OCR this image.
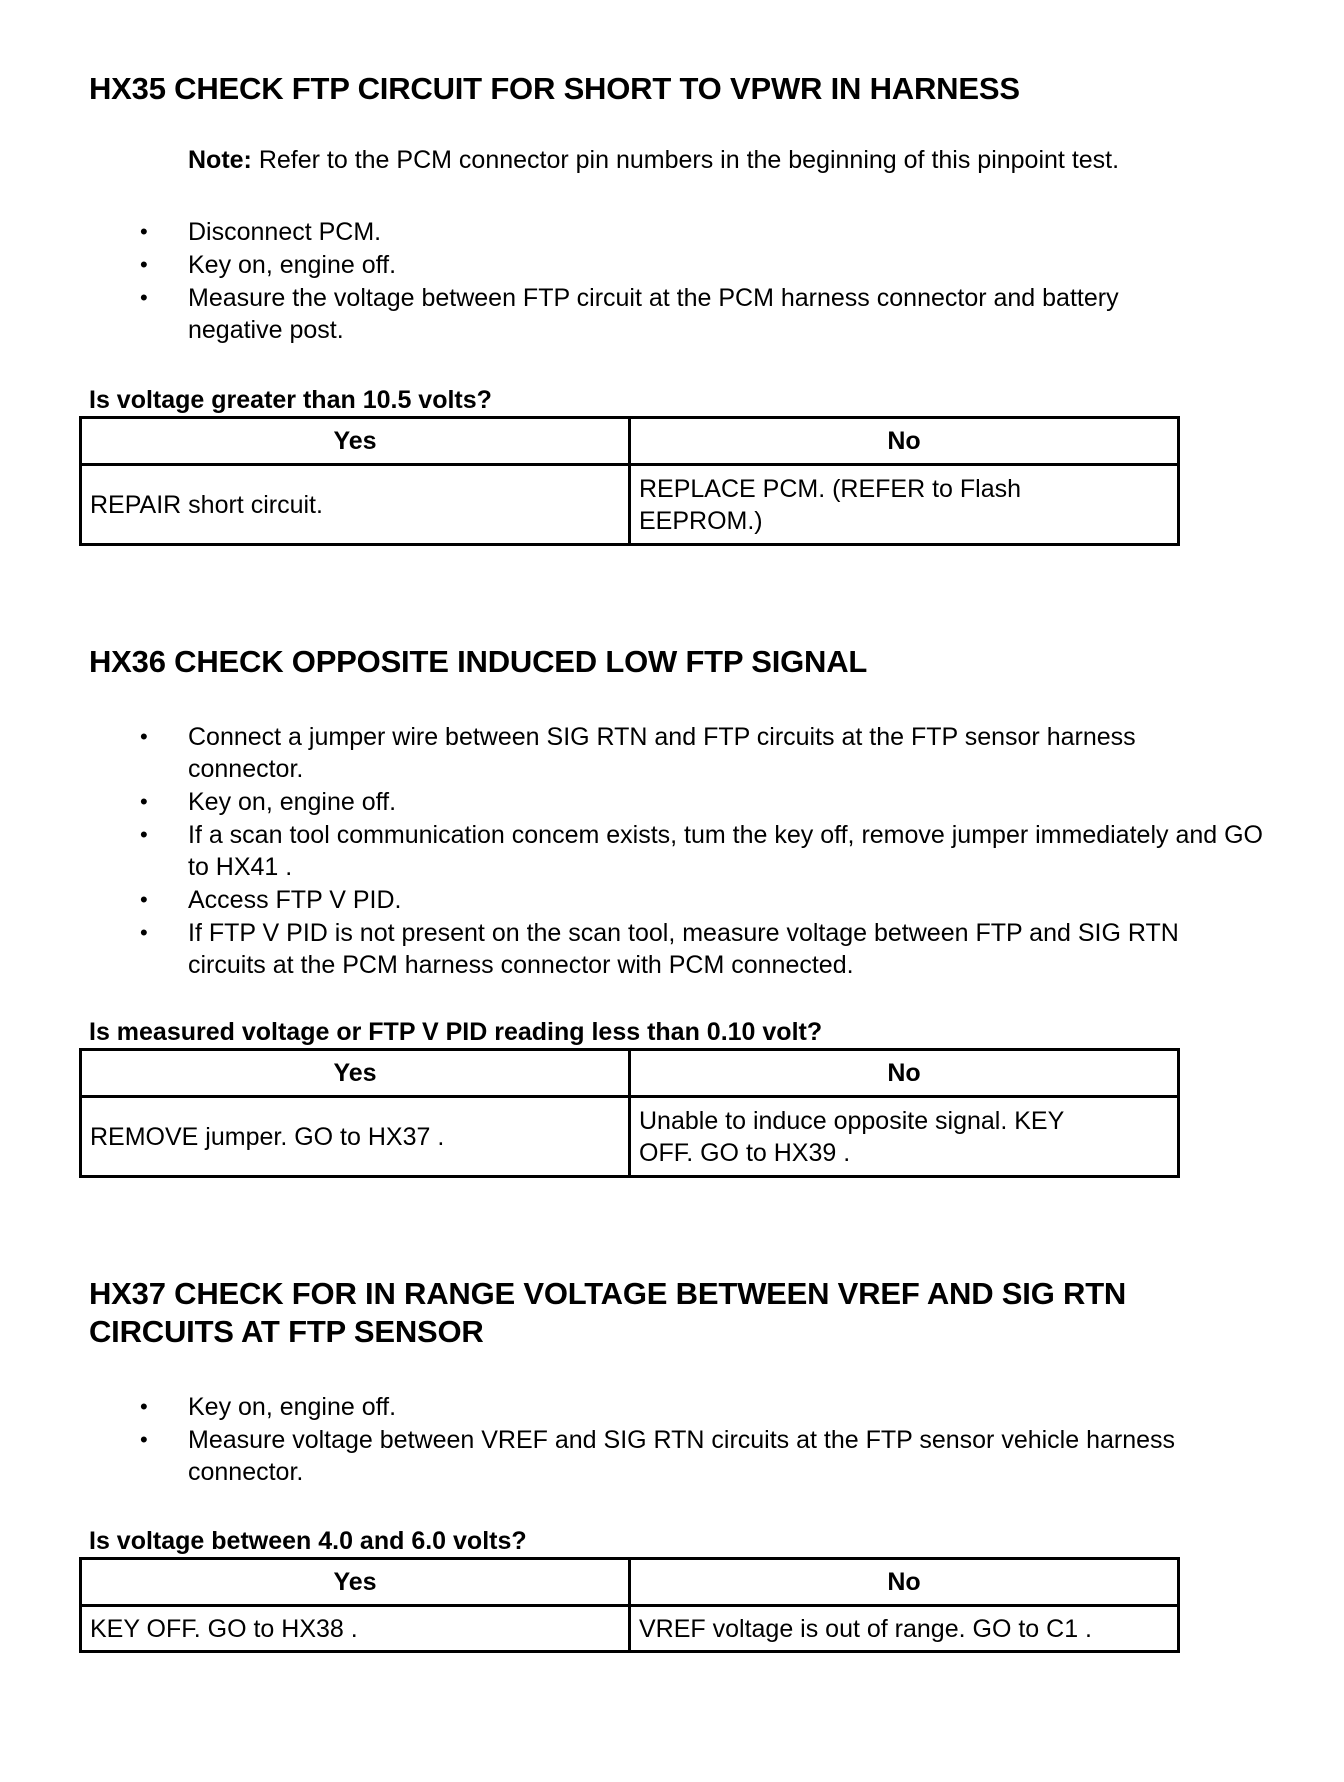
HX35 CHECK FTP CIRCUIT FOR SHORT TO VPWR IN HARNESS
Note: Refer to the PCM connector pin numbers in the beginning of this pinpoint test.
• Disconnect PCM.
• Key on, engine off.
• Measure the voltage between FTP circuit at the PCM harness connector and battery negative post.
Is voltage greater than 10.5 volts?
Yes	No
REPAIR short circuit.	REPLACE PCM. (REFER to Flash EEPROM.)
HX36 CHECK OPPOSITE INDUCED LOW FTP SIGNAL
• Connect a jumper wire between SIG RTN and FTP circuits at the FTP sensor harness connector.
• Key on, engine off.
• If a scan tool communication concem exists, tum the key off, remove jumper immediately and GO to HX41 .
• Access FTP V PID.
• If FTP V PID is not present on the scan tool, measure voltage between FTP and SIG RTN circuits at the PCM harness connector with PCM connected.
Is measured voltage or FTP V PID reading less than 0.10 volt?
Yes	No
REMOVE jumper. GO to HX37 .	Unable to induce opposite signal. KEY OFF. GO to HX39 .
HX37 CHECK FOR IN RANGE VOLTAGE BETWEEN VREF AND SIG RTN
CIRCUITS AT FTP SENSOR
• Key on, engine off.
• Measure voltage between VREF and SIG RTN circuits at the FTP sensor vehicle harness connector.
Is voltage between 4.0 and 6.0 volts?
Yes	No
KEY OFF. GO to HX38 .	VREF voltage is out of range. GO to C1 .
